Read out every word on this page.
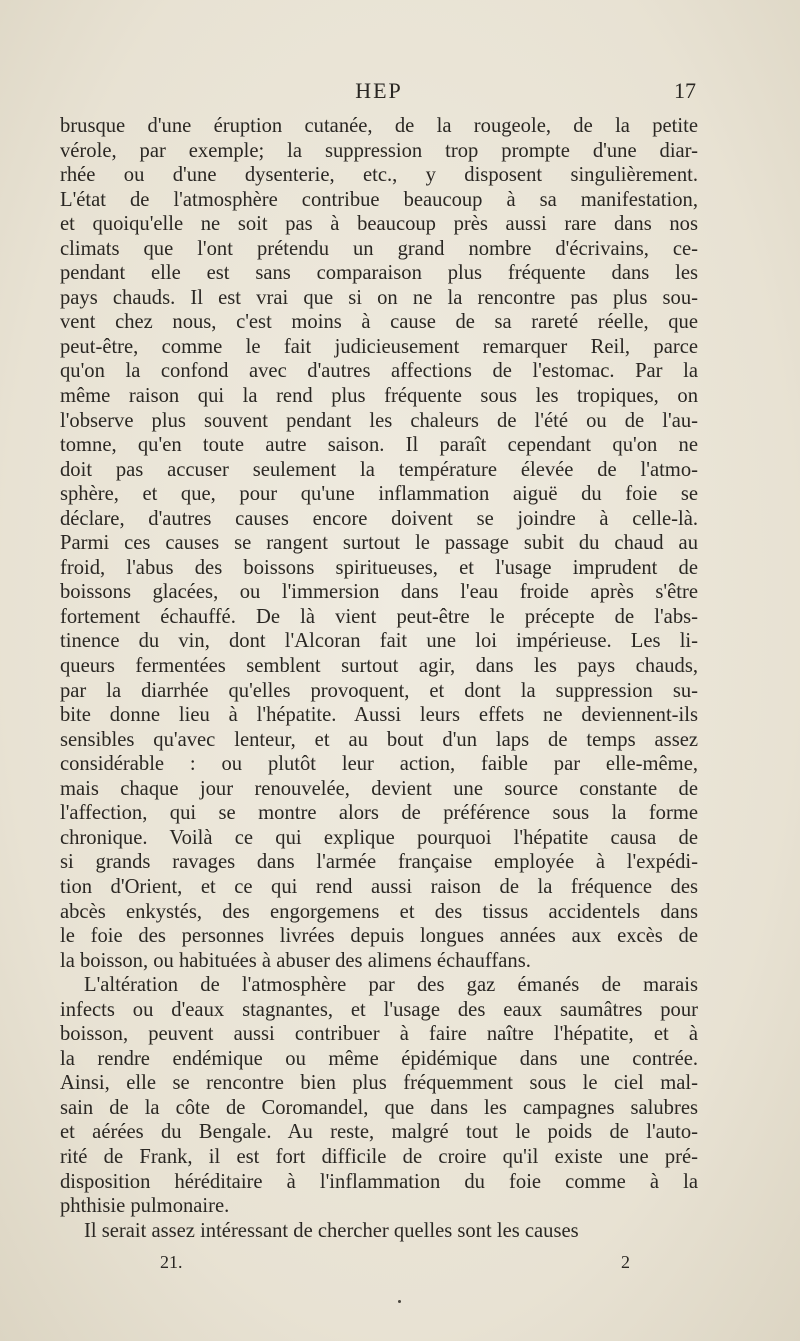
HEP	17
brusque d'une éruption cutanée, de la rougeole, de la petite
vérole, par exemple; la suppression trop prompte d'une diar-
rhée ou d'une dysenterie, etc., y disposent singulièrement.
L'état de l'atmosphère contribue beaucoup à sa manifestation,
et quoiqu'elle ne soit pas à beaucoup près aussi rare dans nos
climats que l'ont prétendu un grand nombre d'écrivains, ce-
pendant elle est sans comparaison plus fréquente dans les
pays chauds. Il est vrai que si on ne la rencontre pas plus sou-
vent chez nous, c'est moins à cause de sa rareté réelle, que
peut-être, comme le fait judicieusement remarquer Reil, parce
qu'on la confond avec d'autres affections de l'estomac. Par la
même raison qui la rend plus fréquente sous les tropiques, on
l'observe plus souvent pendant les chaleurs de l'été ou de l'au-
tomne, qu'en toute autre saison. Il paraît cependant qu'on ne
doit pas accuser seulement la température élevée de l'atmo-
sphère, et que, pour qu'une inflammation aiguë du foie se
déclare, d'autres causes encore doivent se joindre à celle-là.
Parmi ces causes se rangent surtout le passage subit du chaud au
froid, l'abus des boissons spiritueuses, et l'usage imprudent de
boissons glacées, ou l'immersion dans l'eau froide après s'être
fortement échauffé. De là vient peut-être le précepte de l'abs-
tinence du vin, dont l'Alcoran fait une loi impérieuse. Les li-
queurs fermentées semblent surtout agir, dans les pays chauds,
par la diarrhée qu'elles provoquent, et dont la suppression su-
bite donne lieu à l'hépatite. Aussi leurs effets ne deviennent-ils
sensibles qu'avec lenteur, et au bout d'un laps de temps assez
considérable : ou plutôt leur action, faible par elle-même,
mais chaque jour renouvelée, devient une source constante de
l'affection, qui se montre alors de préférence sous la forme
chronique. Voilà ce qui explique pourquoi l'hépatite causa de
si grands ravages dans l'armée française employée à l'expédi-
tion d'Orient, et ce qui rend aussi raison de la fréquence des
abcès enkystés, des engorgemens et des tissus accidentels dans
le foie des personnes livrées depuis longues années aux excès de
la boisson, ou habituées à abuser des alimens échauffans.
L'altération de l'atmosphère par des gaz émanés de marais
infects ou d'eaux stagnantes, et l'usage des eaux saumâtres pour
boisson, peuvent aussi contribuer à faire naître l'hépatite, et à
la rendre endémique ou même épidémique dans une contrée.
Ainsi, elle se rencontre bien plus fréquemment sous le ciel mal-
sain de la côte de Coromandel, que dans les campagnes salubres
et aérées du Bengale. Au reste, malgré tout le poids de l'auto-
rité de Frank, il est fort difficile de croire qu'il existe une pré-
disposition héréditaire à l'inflammation du foie comme à la
phthisie pulmonaire.
Il serait assez intéressant de chercher quelles sont les causes
21.	2
